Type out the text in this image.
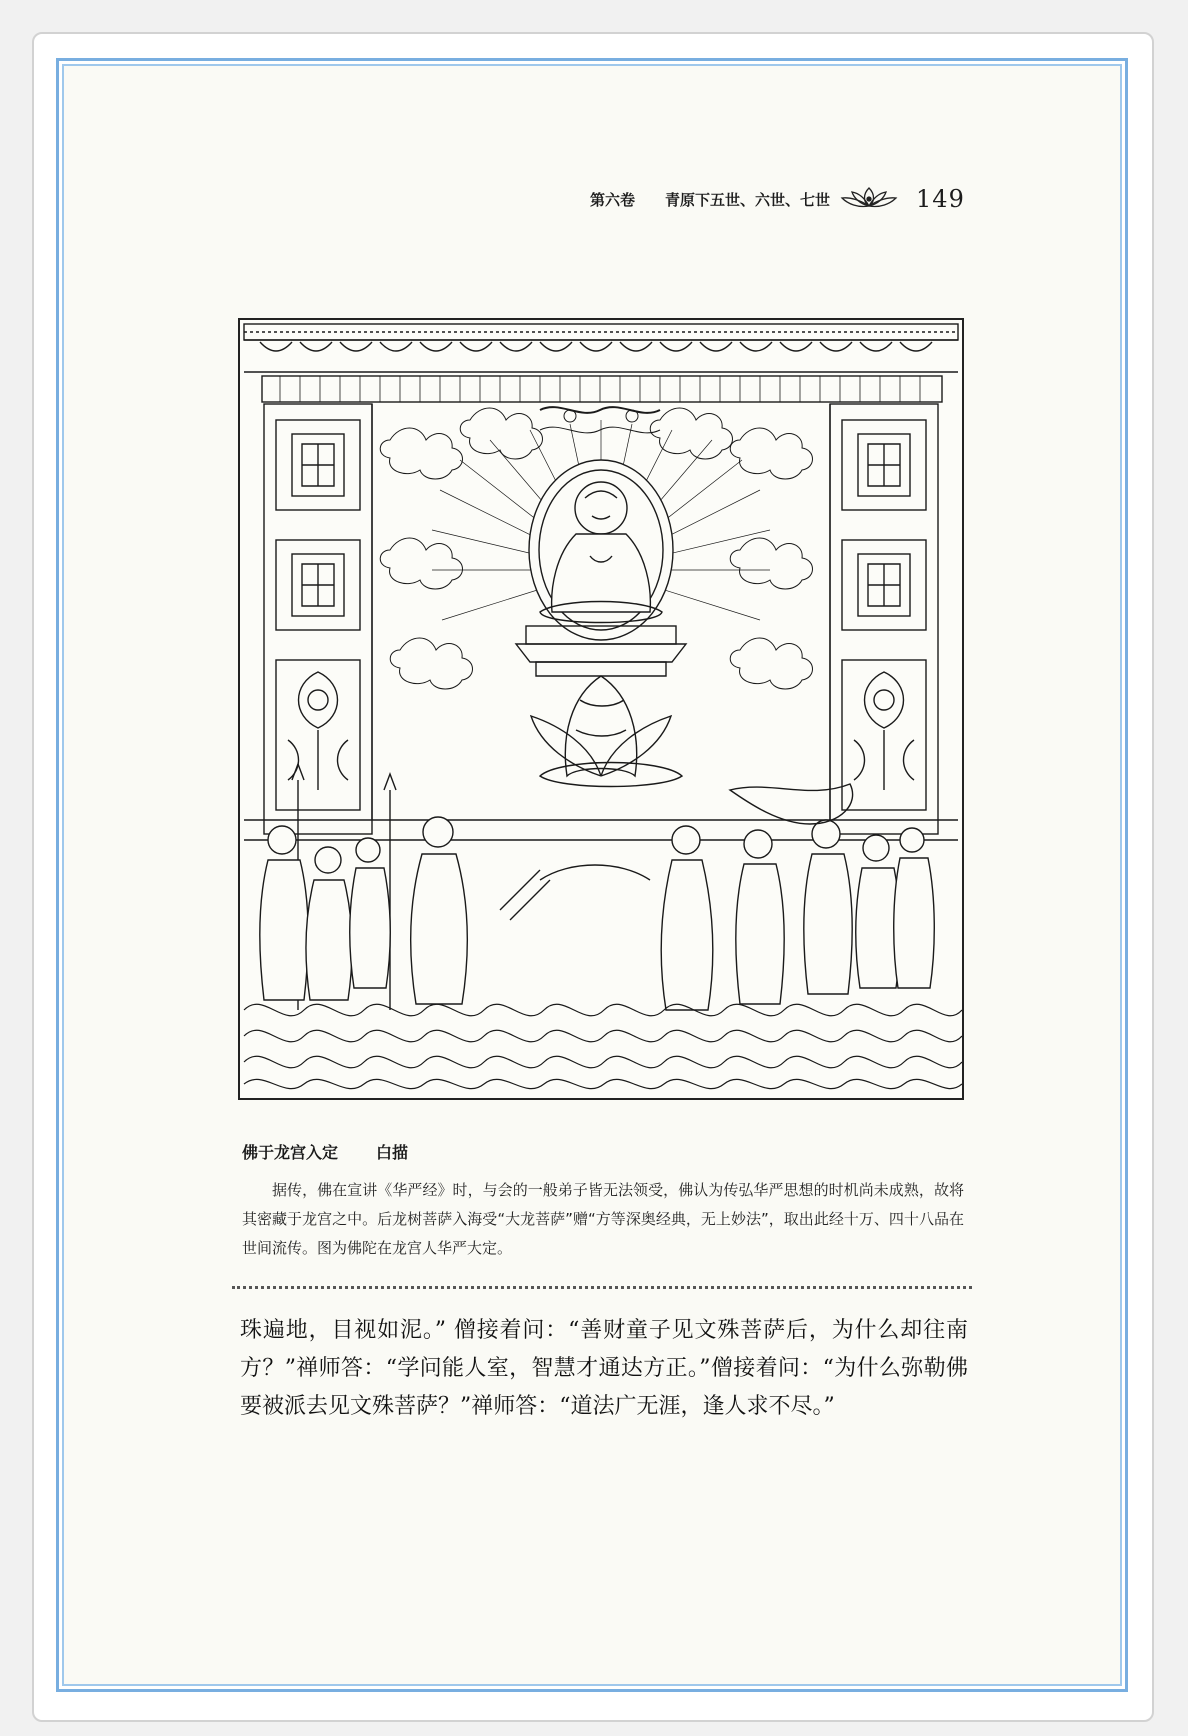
第六卷 青原下五世、六世、七世	149
佛于龙宫入定 白描

据传，佛在宣讲《华严经》时，与会的一般弟子皆无法领受，佛认为传弘华严思想的时机尚未成熟，故将其密藏于龙宫之中。后龙树菩萨入海受“大龙菩萨”赠“方等深奥经典，无上妙法”，取出此经十万、四十八品在世间流传。图为佛陀在龙宫人华严大定。

珠遍地，目视如泥。” 僧接着问：“善财童子见文殊菩萨后，为什么却往南方？”禅师答：“学问能人室，智慧才通达方正。”僧接着问：“为什么弥勒佛要被派去见文殊菩萨？”禅师答：“道法广无涯，逢人求不尽。”
